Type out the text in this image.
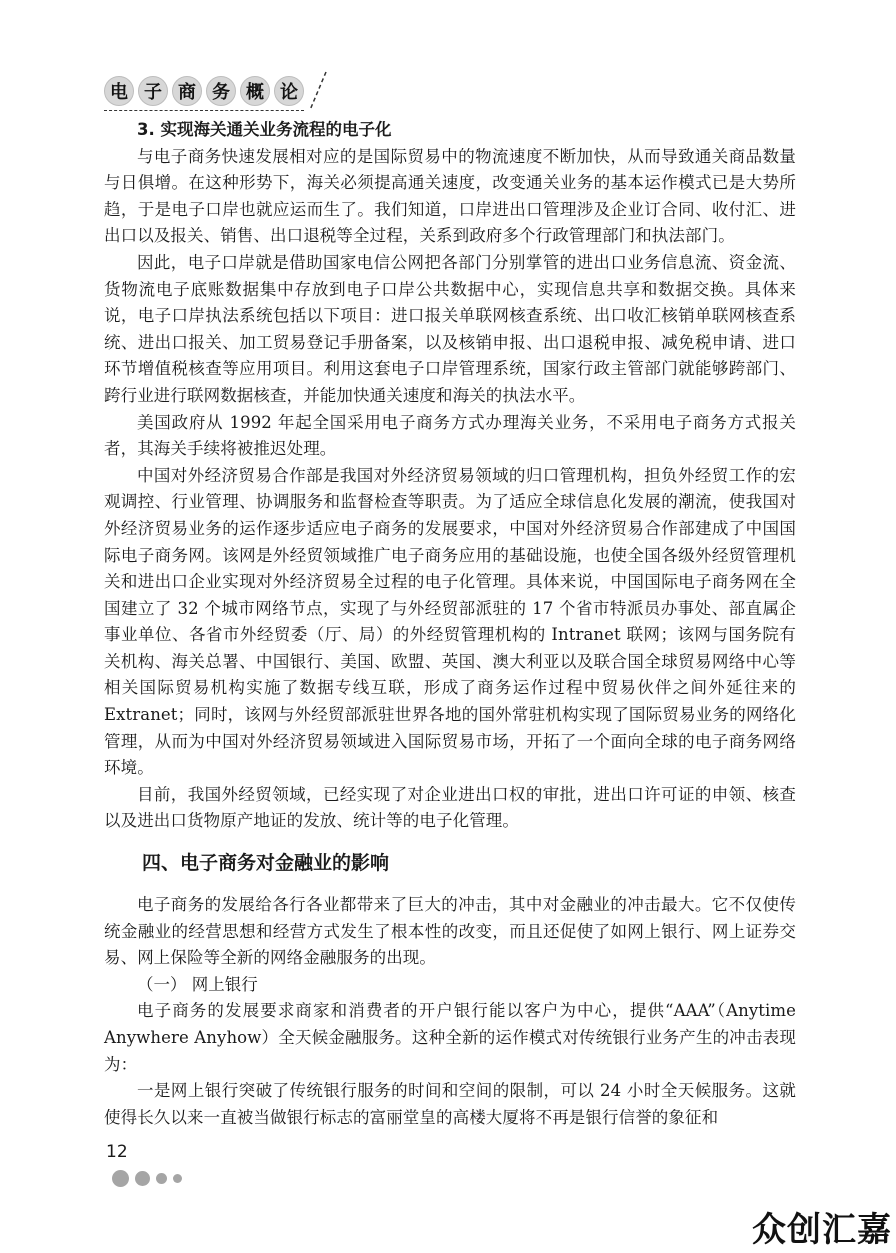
电 子 商 务 概 论
3. 实现海关通关业务流程的电子化

与电子商务快速发展相对应的是国际贸易中的物流速度不断加快，从而导致通关商品数量与日俱增。在这种形势下，海关必须提高通关速度，改变通关业务的基本运作模式已是大势所趋，于是电子口岸也就应运而生了。我们知道，口岸进出口管理涉及企业订合同、收付汇、进出口以及报关、销售、出口退税等全过程，关系到政府多个行政管理部门和执法部门。

因此，电子口岸就是借助国家电信公网把各部门分别掌管的进出口业务信息流、资金流、货物流电子底账数据集中存放到电子口岸公共数据中心，实现信息共享和数据交换。具体来说，电子口岸执法系统包括以下项目：进口报关单联网核查系统、出口收汇核销单联网核查系统、进出口报关、加工贸易登记手册备案，以及核销申报、出口退税申报、减免税申请、进口环节增值税核查等应用项目。利用这套电子口岸管理系统，国家行政主管部门就能够跨部门、跨行业进行联网数据核查，并能加快通关速度和海关的执法水平。

美国政府从 1992 年起全国采用电子商务方式办理海关业务，不采用电子商务方式报关者，其海关手续将被推迟处理。

中国对外经济贸易合作部是我国对外经济贸易领域的归口管理机构，担负外经贸工作的宏观调控、行业管理、协调服务和监督检查等职责。为了适应全球信息化发展的潮流，使我国对外经济贸易业务的运作逐步适应电子商务的发展要求，中国对外经济贸易合作部建成了中国国际电子商务网。该网是外经贸领域推广电子商务应用的基础设施，也使全国各级外经贸管理机关和进出口企业实现对外经济贸易全过程的电子化管理。具体来说，中国国际电子商务网在全国建立了 32 个城市网络节点，实现了与外经贸部派驻的 17 个省市特派员办事处、部直属企事业单位、各省市外经贸委（厅、局）的外经贸管理机构的 Intranet 联网；该网与国务院有关机构、海关总署、中国银行、美国、欧盟、英国、澳大利亚以及联合国全球贸易网络中心等相关国际贸易机构实施了数据专线互联，形成了商务运作过程中贸易伙伴之间外延往来的 Extranet；同时，该网与外经贸部派驻世界各地的国外常驻机构实现了国际贸易业务的网络化管理，从而为中国对外经济贸易领域进入国际贸易市场，开拓了一个面向全球的电子商务网络环境。

目前，我国外经贸领域，已经实现了对企业进出口权的审批，进出口许可证的申领、核查以及进出口货物原产地证的发放、统计等的电子化管理。

四、电子商务对金融业的影响

电子商务的发展给各行各业都带来了巨大的冲击，其中对金融业的冲击最大。它不仅使传统金融业的经营思想和经营方式发生了根本性的改变，而且还促使了如网上银行、网上证券交易、网上保险等全新的网络金融服务的出现。

（一） 网上银行

电子商务的发展要求商家和消费者的开户银行能以客户为中心，提供“AAA”（Anytime Anywhere Anyhow）全天候金融服务。这种全新的运作模式对传统银行业务产生的冲击表现为：

一是网上银行突破了传统银行服务的时间和空间的限制，可以 24 小时全天候服务。这就使得长久以来一直被当做银行标志的富丽堂皇的高楼大厦将不再是银行信誉的象征和

12
众创汇嘉
